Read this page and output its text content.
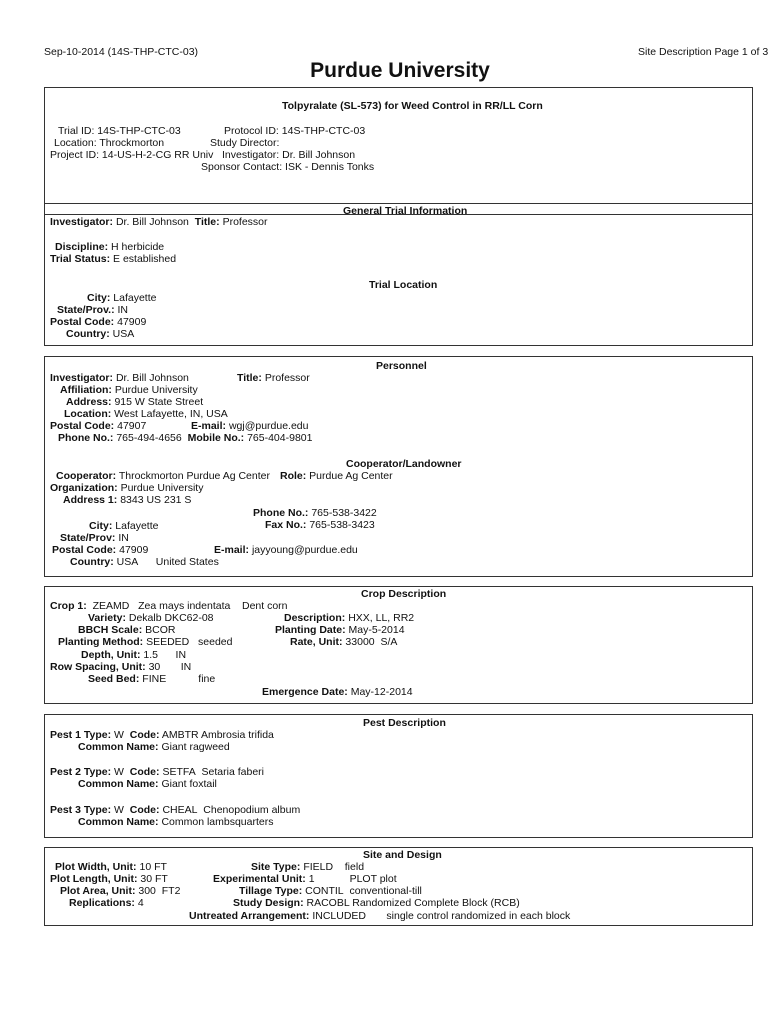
Sep-10-2014 (14S-THP-CTC-03)	Site Description Page 1 of 3
Purdue University
Tolpyralate (SL-573) for Weed Control in RR/LL Corn
Trial ID: 14S-THP-CTC-03
Location: Throckmorton
Project ID: 14-US-H-2-CG RR Univ
Protocol ID: 14S-THP-CTC-03
Study Director:
Investigator: Dr. Bill Johnson
Sponsor Contact: ISK - Dennis Tonks
General Trial Information
Investigator: Dr. Bill Johnson Title: Professor
Discipline: H herbicide
Trial Status: E established
Trial Location
City: Lafayette
State/Prov.: IN
Postal Code: 47909
Country: USA
Personnel
Investigator: Dr. Bill Johnson	Title: Professor
Affiliation: Purdue University
Address: 915 W State Street
Location: West Lafayette, IN, USA
Postal Code: 47907	E-mail: wgj@purdue.edu
Phone No.: 765-494-4656 Mobile No.: 765-404-9801
Cooperator/Landowner
Cooperator: Throckmorton Purdue Ag Center Role: Purdue Ag Center
Organization: Purdue University
Address 1: 8343 US 231 S
Phone No.: 765-538-3422
Fax No.: 765-538-3423
City: Lafayette
State/Prov: IN
Postal Code: 47909	E-mail: jayyoung@purdue.edu
Country: USA United States
Crop Description
Crop 1: ZEAMD Zea mays indentata Dent corn
Variety: Dekalb DKC62-08	Description: HXX, LL, RR2
BBCH Scale: BCOR	Planting Date: May-5-2014
Planting Method: SEEDED seeded	Rate, Unit: 33000 S/A
Depth, Unit: 1.5 IN
Row Spacing, Unit: 30 IN
Seed Bed: FINE	fine
Emergence Date: May-12-2014
Pest Description
Pest 1 Type: W Code: AMBTR Ambrosia trifida
Common Name: Giant ragweed
Pest 2 Type: W Code: SETFA Setaria faberi
Common Name: Giant foxtail
Pest 3 Type: W Code: CHEAL Chenopodium album
Common Name: Common lambsquarters
Site and Design
Plot Width, Unit: 10 FT
Plot Length, Unit: 30 FT
Plot Area, Unit: 300 FT2
Replications: 4
Site Type: FIELD field
Experimental Unit: 1	PLOT plot
Tillage Type: CONTIL conventional-till
Study Design: RACOBL Randomized Complete Block (RCB)
Untreated Arrangement: INCLUDED single control randomized in each block
